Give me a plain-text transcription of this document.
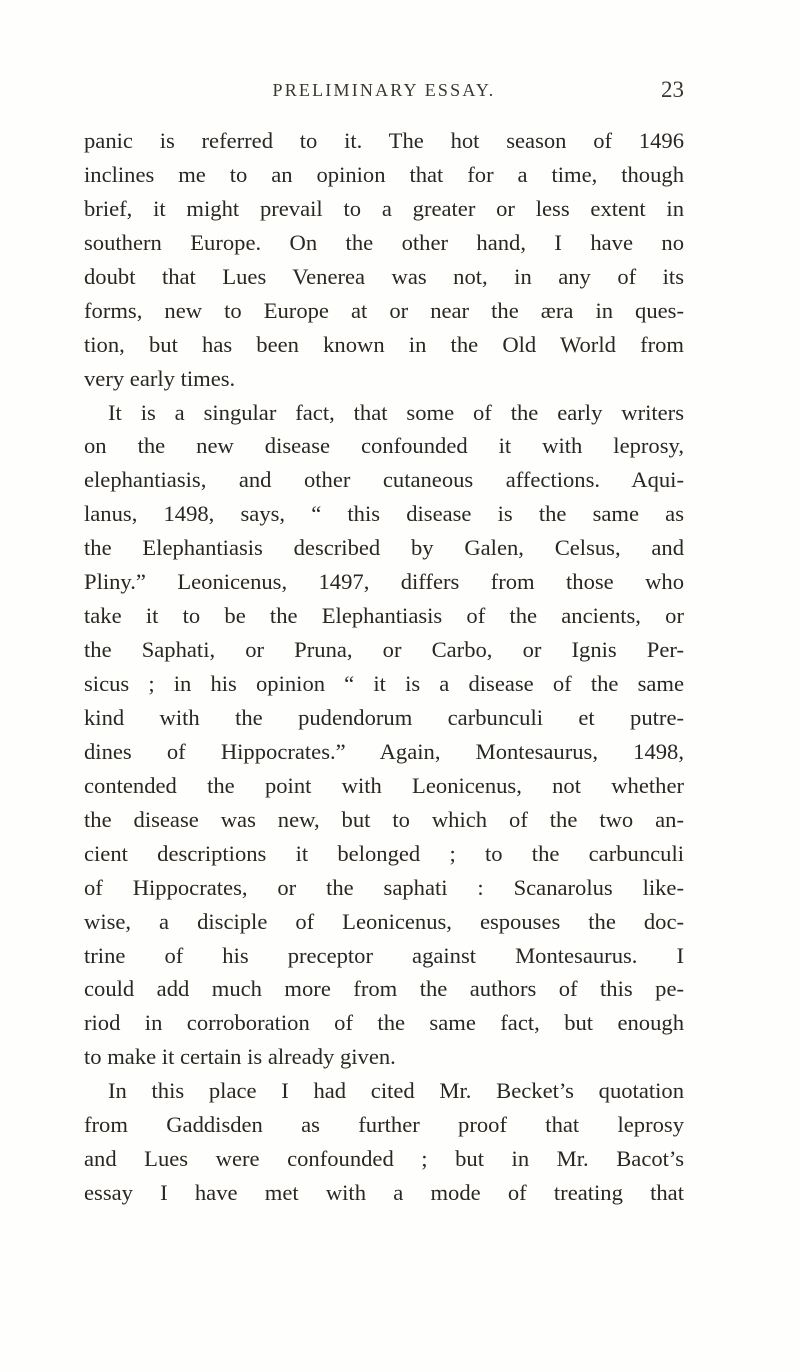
PRELIMINARY ESSAY.	23
panic is referred to it. The hot season of 1496
inclines me to an opinion that for a time, though
brief, it might prevail to a greater or less extent in
southern Europe. On the other hand, I have no
doubt that Lues Venerea was not, in any of its
forms, new to Europe at or near the æra in ques-
tion, but has been known in the Old World from
very early times.
It is a singular fact, that some of the early writers
on the new disease confounded it with leprosy,
elephantiasis, and other cutaneous affections. Aqui-
lanus, 1498, says, “ this disease is the same as
the Elephantiasis described by Galen, Celsus, and
Pliny.” Leonicenus, 1497, differs from those who
take it to be the Elephantiasis of the ancients, or
the Saphati, or Pruna, or Carbo, or Ignis Per-
sicus ; in his opinion “ it is a disease of the same
kind with the pudendorum carbunculi et putre-
dines of Hippocrates.” Again, Montesaurus, 1498,
contended the point with Leonicenus, not whether
the disease was new, but to which of the two an-
cient descriptions it belonged ; to the carbunculi
of Hippocrates, or the saphati : Scanarolus like-
wise, a disciple of Leonicenus, espouses the doc-
trine of his preceptor against Montesaurus. I
could add much more from the authors of this pe-
riod in corroboration of the same fact, but enough
to make it certain is already given.
In this place I had cited Mr. Becket’s quotation
from Gaddisden as further proof that leprosy
and Lues were confounded ; but in Mr. Bacot’s
essay I have met with a mode of treating that
